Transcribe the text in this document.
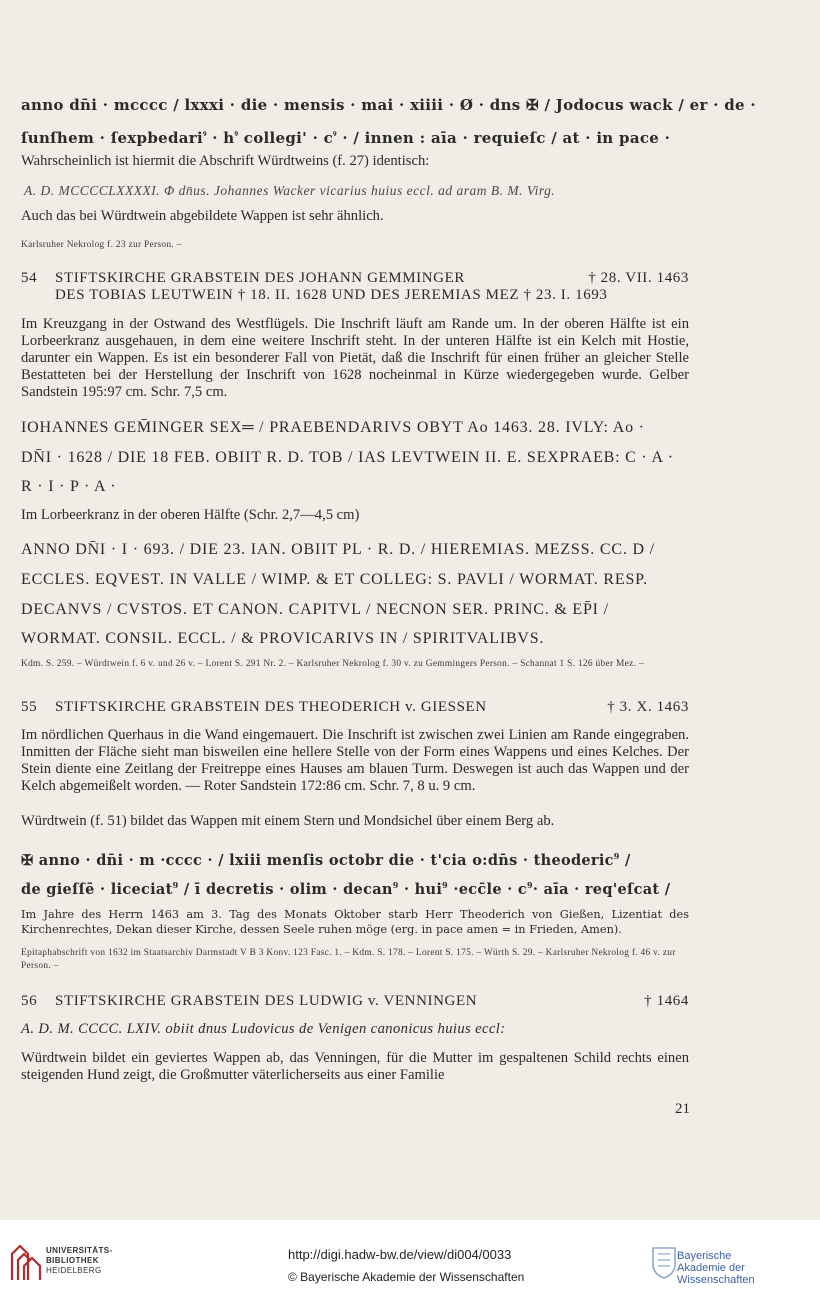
anno dn̄i · mcccc / lxxxi · die · mensis · mai · xiiii · Ø · dns ✠ / Jodocus wack / er · de ·
ſunſhem · ſexpbedari$^ꝰ$ · $h^ꝰ$ collegi' · $c^ꝰ$ · / innen : aīa · requieſc / at · in pace ·
Wahrscheinlich ist hiermit die Abschrift Würdtweins (f. 27) identisch:
A. D. MCCCCLXXXXI. Φ dn̄us. Johannes Wacker vicarius huius eccl. ad aram B. M. Virg.
Auch das bei Würdtwein abgebildete Wappen ist sehr ähnlich.
Karlsruher Nekrolog f. 23 zur Person. –
54 STIFTSKIRCHE GRABSTEIN DES JOHANN GEMMINGER	† 28. VII. 1463
DES TOBIAS LEUTWEIN † 18. II. 1628 UND DES JEREMIAS MEZ † 23. I. 1693
Im Kreuzgang in der Ostwand des Westflügels. Die Inschrift läuft am Rande um. In der oberen Hälfte ist ein Lorbeerkranz ausgehauen, in dem eine weitere Inschrift steht. In der unteren Hälfte ist ein Kelch mit Hostie, darunter ein Wappen. Es ist ein besonderer Fall von Pietät, daß die Inschrift für einen früher an gleicher Stelle Bestatteten bei der Herstellung der Inschrift von 1628 nocheinmal in Kürze wiedergegeben wurde. Gelber Sandstein 195:97 cm. Schr. 7,5 cm.
IOHANNES GEM̄INGER SEX═ / PRAEBENDARIVS OBYT Ao 1463. 28. IVLY: Ao ·
DN̄I · 1628 / DIE 18 FEB. OBIIT R. D. TOB / IAS LEVTWEIN II. E. SEXPRAEB: C · A ·
R · I · P · A ·
Im Lorbeerkranz in der oberen Hälfte (Schr. 2,7—4,5 cm)
ANNO DN̄I · I · 693. / DIE 23. IAN. OBIIT PL · R. D. / HIEREMIAS. MEZSS. CC. D /
ECCLES. EQVEST. IN VALLE / WIMP. & ET COLLEG: S. PAVLI / WORMAT. RESP.
DECANVS / CVSTOS. ET CANON. CAPITVL / NECNON SER. PRINC. & EP̄I /
WORMAT. CONSIL. ECCL. / & PROVICARIVS IN / SPIRITVALIBVS.
Kdm. S. 259. – Würdtwein f. 6 v. und 26 v. – Lorent S. 291 Nr. 2. – Karlsruher Nekrolog f. 30 v. zu Gemmingers Person. – Schannat 1 S. 126 über Mez. –
55 STIFTSKIRCHE GRABSTEIN DES THEODERICH v. GIESSEN	† 3. X. 1463
Im nördlichen Querhaus in die Wand eingemauert. Die Inschrift ist zwischen zwei Linien am Rande eingegraben. Inmitten der Fläche sieht man bisweilen eine hellere Stelle von der Form eines Wappens und eines Kelches. Der Stein diente eine Zeitlang der Freitreppe eines Hauses am blauen Turm. Deswegen ist auch das Wappen und der Kelch abgemeißelt worden. — Roter Sandstein 172:86 cm. Schr. 7, 8 u. 9 cm.
Würdtwein (f. 51) bildet das Wappen mit einem Stern und Mondsichel über einem Berg ab.
✠ anno · dn̄i · m ·cccc · / lxiii menſis octobr die · t'cia o:dn̄s · theoderic$^9$ /
de gieſſē · liceciat$^9$ / ī decretis · olim · decan$^9$ · hui$^9$ ·ecc̄le · $c^9\cdot$ aīa · req'eſcat /
Im Jahre des Herrn 1463 am 3. Tag des Monats Oktober starb Herr Theoderich von Gießen, Lizentiat des Kirchenrechtes, Dekan dieser Kirche, dessen Seele ruhen möge (erg. in pace amen = in Frieden, Amen).
Epitaphabschrift von 1632 im Staatsarchiv Darmstadt V B 3 Konv. 123 Fasc. 1. – Kdm. S. 178. – Lorent S. 175. – Würth S. 29. – Karlsruher Nekrolog f. 46 v. zur Person. –
56 STIFTSKIRCHE GRABSTEIN DES LUDWIG v. VENNINGEN	† 1464
A. D. M. CCCC. LXIV. obiit dnus Ludovicus de Venigen canonicus huius eccl:
Würdtwein bildet ein geviertes Wappen ab, das Venningen, für die Mutter im gespaltenen Schild rechts einen steigenden Hund zeigt, die Großmutter väterlicherseits aus einer Familie
21
UNIVERSITÄTS-
BIBLIOTHEK
HEIDELBERG
http://digi.hadw-bw.de/view/di004/0033
© Bayerische Akademie der Wissenschaften
Bayerische
Akademie der Wissenschaften
